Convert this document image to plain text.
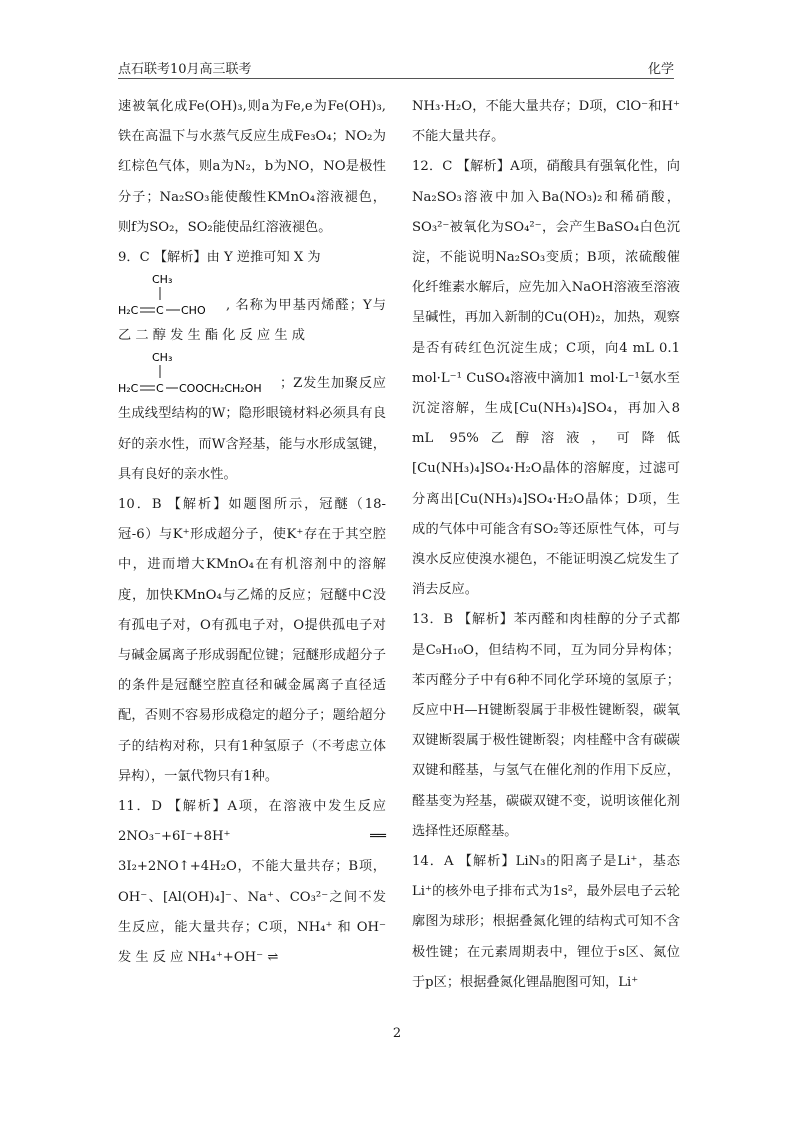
点石联考10月高三联考	化学

速被氧化成Fe(OH)₃,则a为Fe,e为Fe(OH)₃,铁在高温下与水蒸气反应生成Fe₃O₄；NO₂为红棕色气体，则a为N₂，b为NO，NO是极性分子；Na₂SO₃能使酸性KMnO₄溶液褪色，则f为SO₂，SO₂能使品红溶液褪色。

9．C 【解析】由 Y 逆推可知 X 为

CH₃
H₂C C CHO , 名称为甲基丙烯醛；Y与乙 二 醇 发 生 酯 化 反 应 生 成

CH₃
H₂C C COOCH₂CH₂OH ；Z发生加聚反应生成线型结构的W；隐形眼镜材料必须具有良好的亲水性，而W含羟基，能与水形成氢键，具有良好的亲水性。

10．B 【解析】如题图所示，冠醚（18-冠-6）与K⁺形成超分子，使K⁺存在于其空腔中，进而增大KMnO₄在有机溶剂中的溶解度，加快KMnO₄与乙烯的反应；冠醚中C没有孤电子对，O有孤电子对，O提供孤电子对与碱金属离子形成弱配位键；冠醚形成超分子的条件是冠醚空腔直径和碱金属离子直径适配，否则不容易形成稳定的超分子；题给超分子的结构对称，只有1种氢原子（不考虑立体异构），一氯代物只有1种。

11．D 【解析】A项，在溶液中发生反应2NO₃⁻+6I⁻+8H⁺ ══ 3I₂+2NO↑+4H₂O，不能大量共存；B项，OH⁻、[Al(OH)₄]⁻、Na⁺、CO₃²⁻之间不发生反应，能大量共存；C项，NH₄⁺ 和 OH⁻ 发 生 反 应 NH₄⁺+OH⁻ ⇌

NH₃·H₂O，不能大量共存；D项，ClO⁻和H⁺不能大量共存。

12．C 【解析】A项，硝酸具有强氧化性，向Na₂SO₃溶液中加入Ba(NO₃)₂和稀硝酸，SO₃²⁻被氧化为SO₄²⁻，会产生BaSO₄白色沉淀，不能说明Na₂SO₃变质；B项，浓硫酸催化纤维素水解后，应先加入NaOH溶液至溶液呈碱性，再加入新制的Cu(OH)₂，加热，观察是否有砖红色沉淀生成；C项，向4 mL 0.1 mol·L⁻¹ CuSO₄溶液中滴加1 mol·L⁻¹氨水至沉淀溶解，生成[Cu(NH₃)₄]SO₄，再加入8 mL 95%乙醇溶液，可降低[Cu(NH₃)₄]SO₄·H₂O晶体的溶解度，过滤可分离出[Cu(NH₃)₄]SO₄·H₂O晶体；D项，生成的气体中可能含有SO₂等还原性气体，可与溴水反应使溴水褪色，不能证明溴乙烷发生了消去反应。

13．B 【解析】苯丙醛和肉桂醇的分子式都是C₉H₁₀O，但结构不同，互为同分异构体；苯丙醛分子中有6种不同化学环境的氢原子；反应中H—H键断裂属于非极性键断裂，碳氧双键断裂属于极性键断裂；肉桂醛中含有碳碳双键和醛基，与氢气在催化剂的作用下反应，醛基变为羟基，碳碳双键不变，说明该催化剂选择性还原醛基。

14．A 【解析】LiN₃的阳离子是Li⁺，基态Li⁺的核外电子排布式为1s²，最外层电子云轮廓图为球形；根据叠氮化锂的结构式可知不含极性键；在元素周期表中，锂位于s区、氮位于p区；根据叠氮化锂晶胞图可知，Li⁺

2
